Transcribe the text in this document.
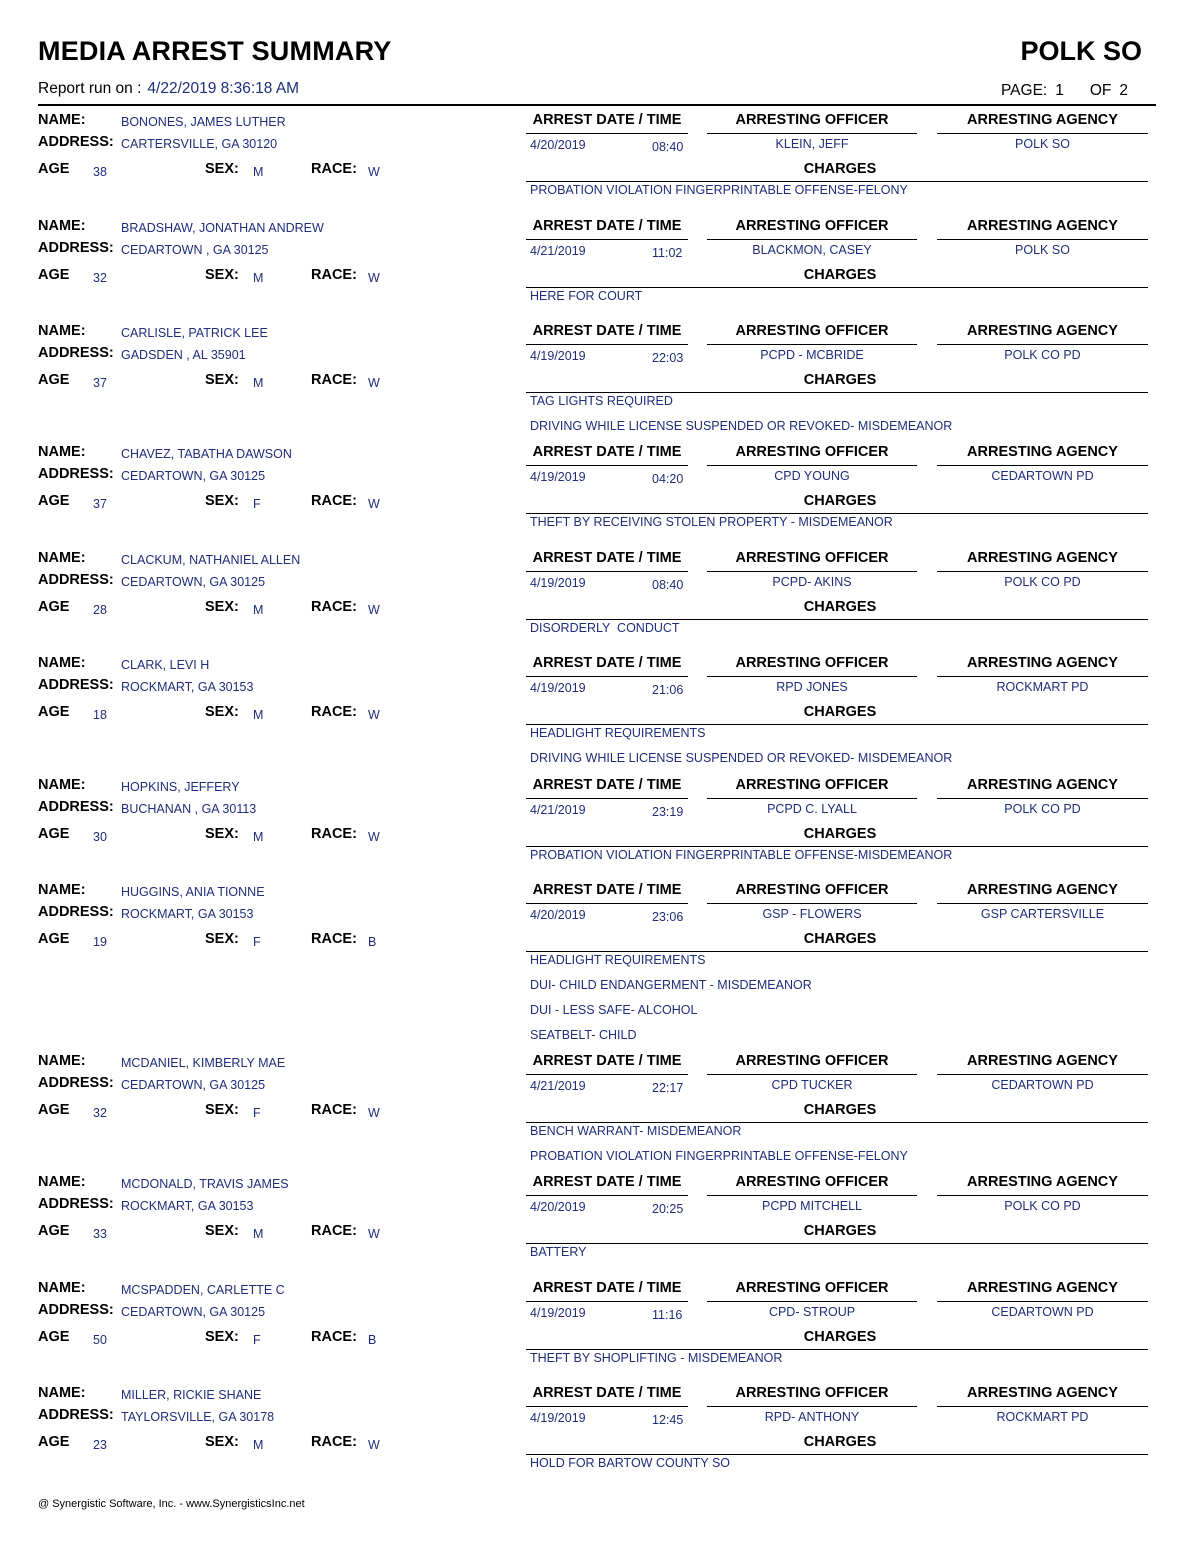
MEDIA ARREST SUMMARY	POLK SO
Report run on : 4/22/2019 8:36:18 AM	PAGE: 1 OF 2
NAME:	BONONES, JAMES LUTHER
ADDRESS: CARTERSVILLE, GA 30120
AGE 38	SEX: M	RACE: W
ARREST DATE / TIME	ARRESTING OFFICER	ARRESTING AGENCY
4/20/2019	08:40	KLEIN, JEFF	POLK SO
CHARGES
PROBATION VIOLATION FINGERPRINTABLE OFFENSE-FELONY
NAME:	BRADSHAW, JONATHAN ANDREW
ADDRESS: CEDARTOWN , GA 30125
AGE 32	SEX: M	RACE: W
ARREST DATE / TIME	ARRESTING OFFICER	ARRESTING AGENCY
4/21/2019	11:02	BLACKMON, CASEY	POLK SO
CHARGES
HERE FOR COURT
NAME:	CARLISLE, PATRICK LEE
ADDRESS: GADSDEN , AL 35901
AGE 37	SEX: M	RACE: W
ARREST DATE / TIME	ARRESTING OFFICER	ARRESTING AGENCY
4/19/2019	22:03	PCPD - MCBRIDE	POLK CO PD
CHARGES
TAG LIGHTS REQUIRED
DRIVING WHILE LICENSE SUSPENDED OR REVOKED- MISDEMEANOR
NAME:	CHAVEZ, TABATHA DAWSON
ADDRESS: CEDARTOWN, GA 30125
AGE 37	SEX: F	RACE: W
ARREST DATE / TIME	ARRESTING OFFICER	ARRESTING AGENCY
4/19/2019	04:20	CPD YOUNG	CEDARTOWN PD
CHARGES
THEFT BY RECEIVING STOLEN PROPERTY - MISDEMEANOR
NAME:	CLACKUM, NATHANIEL ALLEN
ADDRESS: CEDARTOWN, GA 30125
AGE 28	SEX: M	RACE: W
ARREST DATE / TIME	ARRESTING OFFICER	ARRESTING AGENCY
4/19/2019	08:40	PCPD- AKINS	POLK CO PD
CHARGES
DISORDERLY  CONDUCT
NAME:	CLARK, LEVI H
ADDRESS: ROCKMART, GA 30153
AGE 18	SEX: M	RACE: W
ARREST DATE / TIME	ARRESTING OFFICER	ARRESTING AGENCY
4/19/2019	21:06	RPD JONES	ROCKMART PD
CHARGES
HEADLIGHT REQUIREMENTS
DRIVING WHILE LICENSE SUSPENDED OR REVOKED- MISDEMEANOR
NAME:	HOPKINS, JEFFERY
ADDRESS: BUCHANAN , GA 30113
AGE 30	SEX: M	RACE: W
ARREST DATE / TIME	ARRESTING OFFICER	ARRESTING AGENCY
4/21/2019	23:19	PCPD C. LYALL	POLK CO PD
CHARGES
PROBATION VIOLATION FINGERPRINTABLE OFFENSE-MISDEMEANOR
NAME:	HUGGINS, ANIA TIONNE
ADDRESS: ROCKMART, GA 30153
AGE 19	SEX: F	RACE: B
ARREST DATE / TIME	ARRESTING OFFICER	ARRESTING AGENCY
4/20/2019	23:06	GSP - FLOWERS	GSP CARTERSVILLE
CHARGES
HEADLIGHT REQUIREMENTS
DUI- CHILD ENDANGERMENT - MISDEMEANOR
DUI - LESS SAFE- ALCOHOL
SEATBELT- CHILD
NAME:	MCDANIEL, KIMBERLY MAE
ADDRESS: CEDARTOWN, GA 30125
AGE 32	SEX: F	RACE: W
ARREST DATE / TIME	ARRESTING OFFICER	ARRESTING AGENCY
4/21/2019	22:17	CPD TUCKER	CEDARTOWN PD
CHARGES
BENCH WARRANT- MISDEMEANOR
PROBATION VIOLATION FINGERPRINTABLE OFFENSE-FELONY
NAME:	MCDONALD, TRAVIS JAMES
ADDRESS: ROCKMART, GA 30153
AGE 33	SEX: M	RACE: W
ARREST DATE / TIME	ARRESTING OFFICER	ARRESTING AGENCY
4/20/2019	20:25	PCPD MITCHELL	POLK CO PD
CHARGES
BATTERY
NAME:	MCSPADDEN, CARLETTE C
ADDRESS: CEDARTOWN, GA 30125
AGE 50	SEX: F	RACE: B
ARREST DATE / TIME	ARRESTING OFFICER	ARRESTING AGENCY
4/19/2019	11:16	CPD- STROUP	CEDARTOWN PD
CHARGES
THEFT BY SHOPLIFTING - MISDEMEANOR
NAME:	MILLER, RICKIE SHANE
ADDRESS: TAYLORSVILLE, GA 30178
AGE 23	SEX: M	RACE: W
ARREST DATE / TIME	ARRESTING OFFICER	ARRESTING AGENCY
4/19/2019	12:45	RPD- ANTHONY	ROCKMART PD
CHARGES
HOLD FOR BARTOW COUNTY SO
@ Synergistic Software, Inc. - www.SynergisticsInc.net
